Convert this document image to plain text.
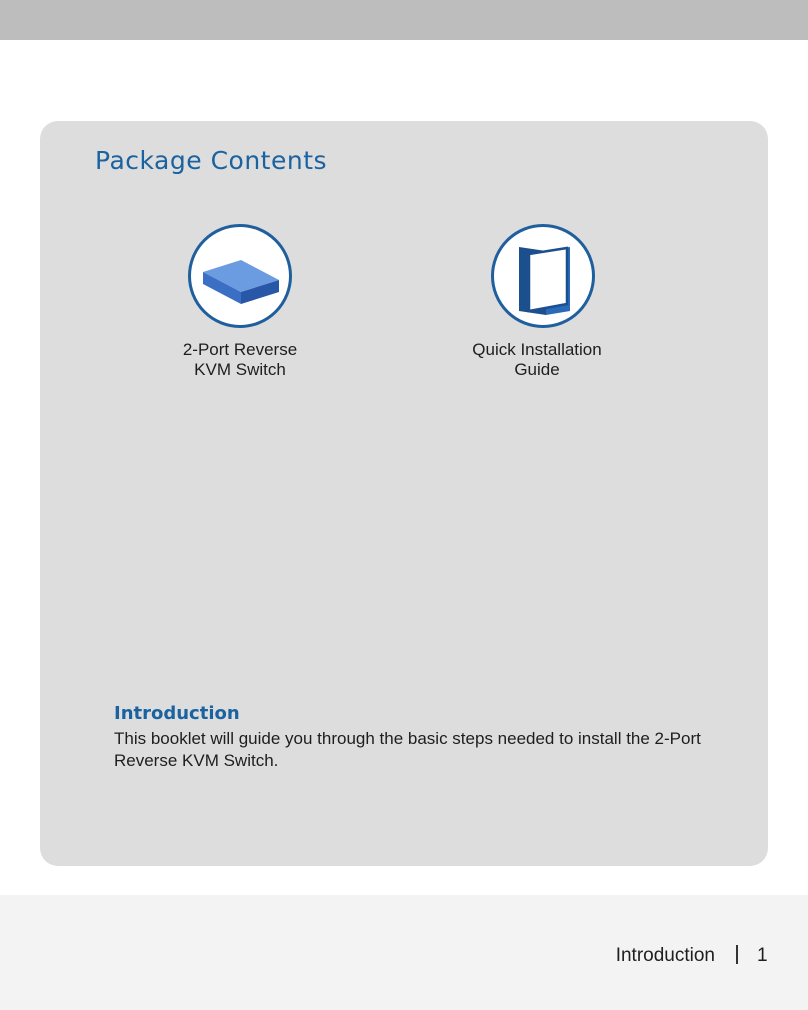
Package Contents
2-Port Reverse
KVM Switch
Quick Installation
Guide
Introduction

This booklet will guide you through the basic steps needed to install the 2-Port Reverse KVM Switch.

Introduction 1
